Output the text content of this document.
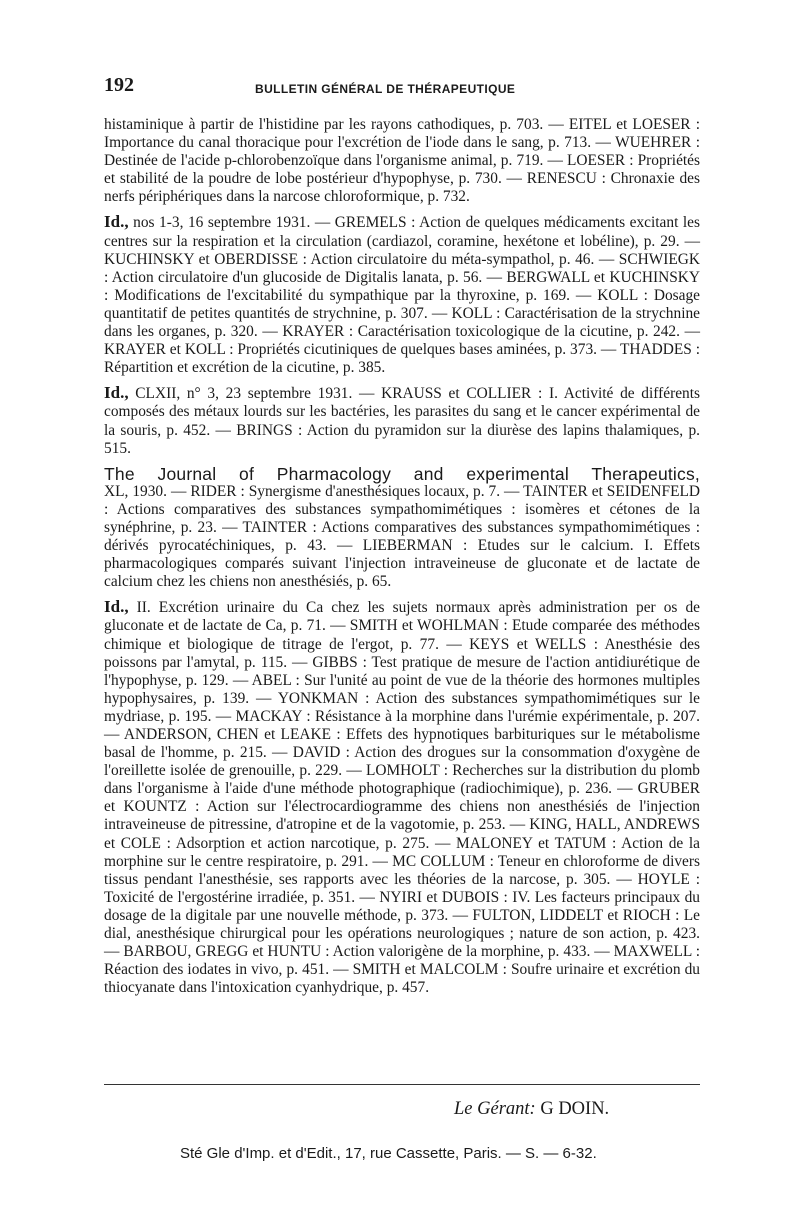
192	BULLETIN GÉNÉRAL DE THÉRAPEUTIQUE

histaminique à partir de l'histidine par les rayons cathodiques, p. 703. — EITEL et LOESER : Importance du canal thoracique pour l'excrétion de l'iode dans le sang, p. 713. — WUEHRER : Destinée de l'acide p-chlorobenzoïque dans l'organisme animal, p. 719. — LOESER : Propriétés et stabilité de la poudre de lobe postérieur d'hypophyse, p. 730. — RENESCU : Chronaxie des nerfs périphériques dans la narcose chloroformique, p. 732.

Id., nos 1-3, 16 septembre 1931. — GREMELS : Action de quelques médicaments excitant les centres sur la respiration et la circulation (cardiazol, coramine, hexétone et lobéline), p. 29. — KUCHINSKY et OBERDISSE : Action circulatoire du méta-sympathol, p. 46. — SCHWIEGK : Action circulatoire d'un glucoside de Digitalis lanata, p. 56. — BERGWALL et KUCHINSKY : Modifications de l'excitabilité du sympathique par la thyroxine, p. 169. — KOLL : Dosage quantitatif de petites quantités de strychnine, p. 307. — KOLL : Caractérisation de la strychnine dans les organes, p. 320. — KRAYER : Caractérisation toxicologique de la cicutine, p. 242. — KRAYER et KOLL : Propriétés cicutiniques de quelques bases aminées, p. 373. — THADDES : Répartition et excrétion de la cicutine, p. 385.

Id., CLXII, n° 3, 23 septembre 1931. — KRAUSS et COLLIER : I. Activité de différents composés des métaux lourds sur les bactéries, les parasites du sang et le cancer expérimental de la souris, p. 452. — BRINGS : Action du pyramidon sur la diurèse des lapins thalamiques, p. 515.

The Journal of Pharmacology and experimental Therapeutics,

XL, 1930. — RIDER : Synergisme d'anesthésiques locaux, p. 7. — TAINTER et SEIDENFELD : Actions comparatives des substances sympathomimétiques : isomères et cétones de la synéphrine, p. 23. — TAINTER : Actions comparatives des substances sympathomimétiques : dérivés pyrocatéchiniques, p. 43. — LIEBERMAN : Etudes sur le calcium. I. Effets pharmacologiques comparés suivant l'injection intraveineuse de gluconate et de lactate de calcium chez les chiens non anesthésiés, p. 65.

Id., II. Excrétion urinaire du Ca chez les sujets normaux après administration per os de gluconate et de lactate de Ca, p. 71. — SMITH et WOHLMAN : Etude comparée des méthodes chimique et biologique de titrage de l'ergot, p. 77. — KEYS et WELLS : Anesthésie des poissons par l'amytal, p. 115. — GIBBS : Test pratique de mesure de l'action antidiurétique de l'hypophyse, p. 129. — ABEL : Sur l'unité au point de vue de la théorie des hormones multiples hypophysaires, p. 139. — YONKMAN : Action des substances sympathomimétiques sur le mydriase, p. 195. — MACKAY : Résistance à la morphine dans l'urémie expérimentale, p. 207. — ANDERSON, CHEN et LEAKE : Effets des hypnotiques barbituriques sur le métabolisme basal de l'homme, p. 215. — DAVID : Action des drogues sur la consommation d'oxygène de l'oreillette isolée de grenouille, p. 229. — LOMHOLT : Recherches sur la distribution du plomb dans l'organisme à l'aide d'une méthode photographique (radiochimique), p. 236. — GRUBER et KOUNTZ : Action sur l'électrocardiogramme des chiens non anesthésiés de l'injection intraveineuse de pitressine, d'atropine et de la vagotomie, p. 253. — KING, HALL, ANDREWS et COLE : Adsorption et action narcotique, p. 275. — MALONEY et TATUM : Action de la morphine sur le centre respiratoire, p. 291. — MC COLLUM : Teneur en chloroforme de divers tissus pendant l'anesthésie, ses rapports avec les théories de la narcose, p. 305. — HOYLE : Toxicité de l'ergostérine irradiée, p. 351. — NYIRI et DUBOIS : IV. Les facteurs principaux du dosage de la digitale par une nouvelle méthode, p. 373. — FULTON, LIDDELT et RIOCH : Le dial, anesthésique chirurgical pour les opérations neurologiques ; nature de son action, p. 423. — BARBOU, GREGG et HUNTU : Action valorigène de la morphine, p. 433. — MAXWELL : Réaction des iodates in vivo, p. 451. — SMITH et MALCOLM : Soufre urinaire et excrétion du thiocyanate dans l'intoxication cyanhydrique, p. 457.

Le Gérant: G DOIN.
Sté Gle d'Imp. et d'Edit., 17, rue Cassette, Paris. — S. — 6-32.
